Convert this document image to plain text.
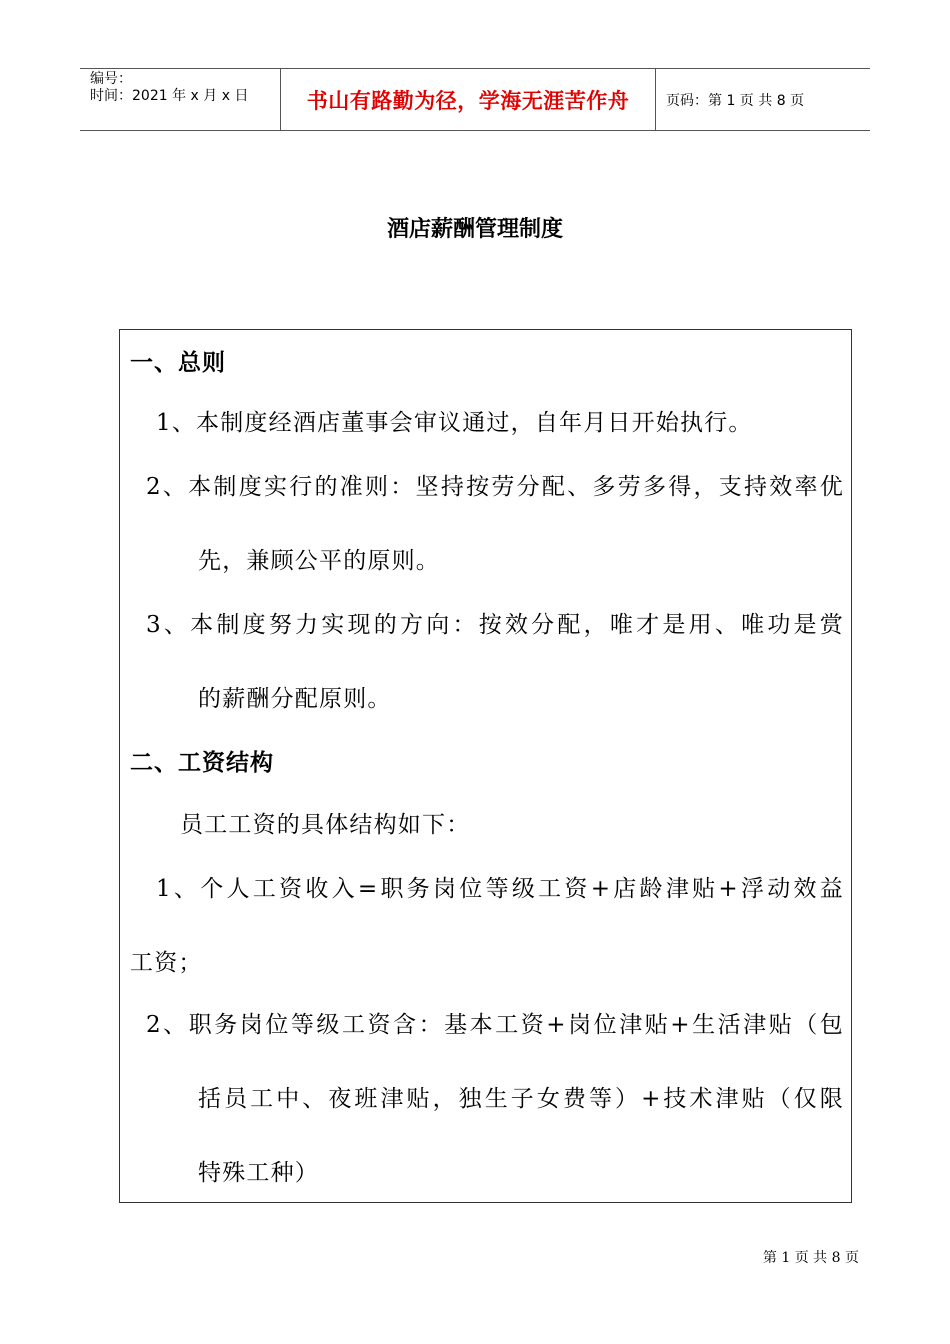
编号：
时间：2021 年 x 月 x 日	书山有路勤为径，学海无涯苦作舟	页码：第 1 页 共 8 页
酒店薪酬管理制度
一、总则
1、本制度经酒店董事会审议通过，自年月日开始执行。
2、本制度实行的准则：坚持按劳分配、多劳多得，支持效率优
先，兼顾公平的原则。
3、本制度努力实现的方向：按效分配，唯才是用、唯功是赏
的薪酬分配原则。
二、工资结构
员工工资的具体结构如下：
1、个人工资收入=职务岗位等级工资+店龄津贴+浮动效益
工资；
2、职务岗位等级工资含：基本工资+岗位津贴+生活津贴（包
括员工中、夜班津贴，独生子女费等）+技术津贴（仅限
特殊工种）
第 1 页 共 8 页
